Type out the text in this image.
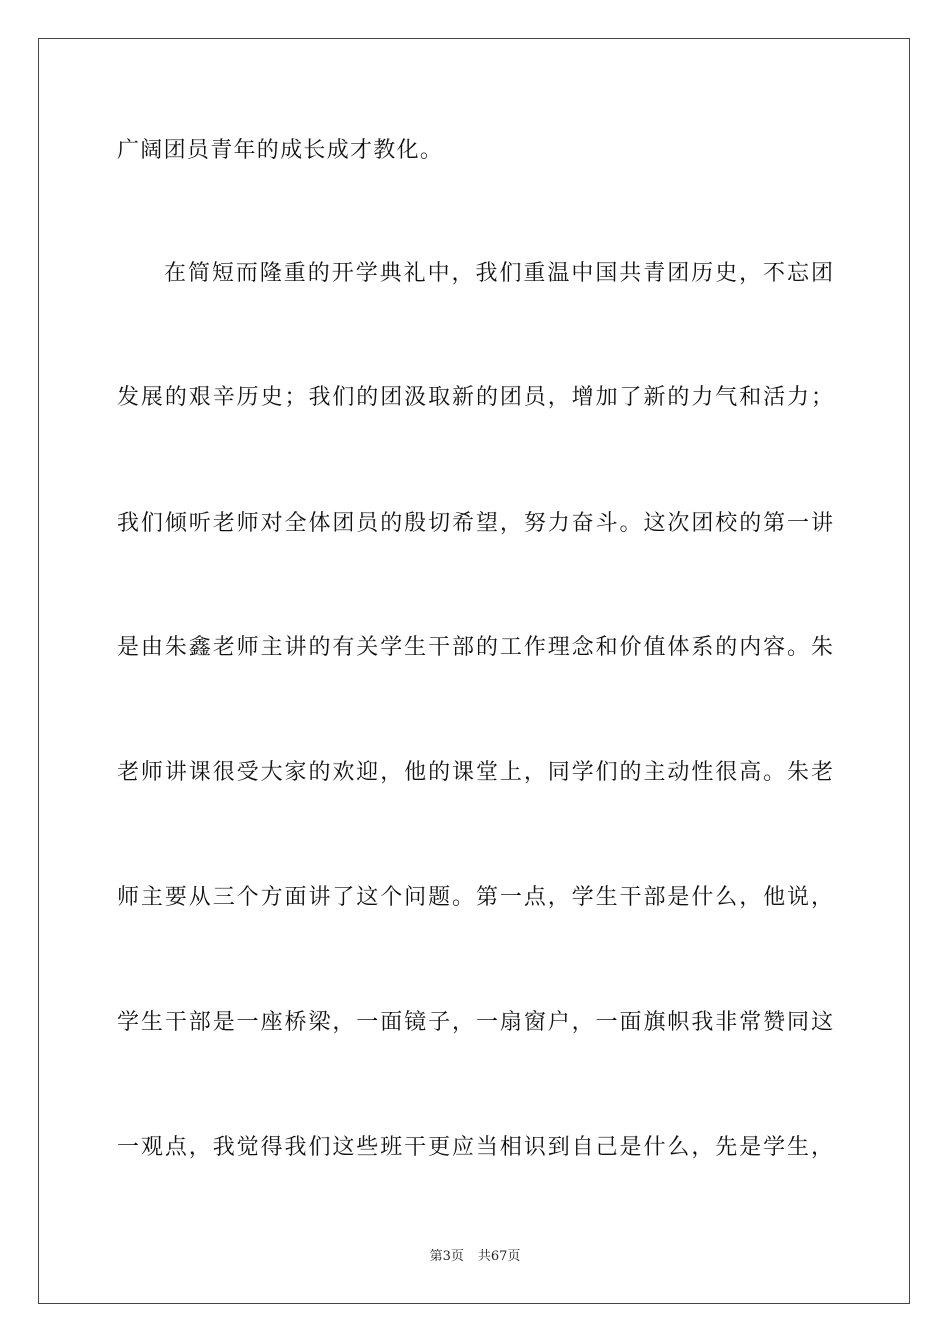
广阔团员青年的成长成才教化。
在简短而隆重的开学典礼中，我们重温中国共青团历史，不忘团
发展的艰辛历史；我们的团汲取新的团员，增加了新的力气和活力；
我们倾听老师对全体团员的殷切希望，努力奋斗。这次团校的第一讲
是由朱鑫老师主讲的有关学生干部的工作理念和价值体系的内容。朱
老师讲课很受大家的欢迎，他的课堂上，同学们的主动性很高。朱老
师主要从三个方面讲了这个问题。第一点，学生干部是什么，他说，
学生干部是一座桥梁，一面镜子，一扇窗户，一面旗帜我非常赞同这
一观点，我觉得我们这些班干更应当相识到自己是什么，先是学生，
第3页 共67页
